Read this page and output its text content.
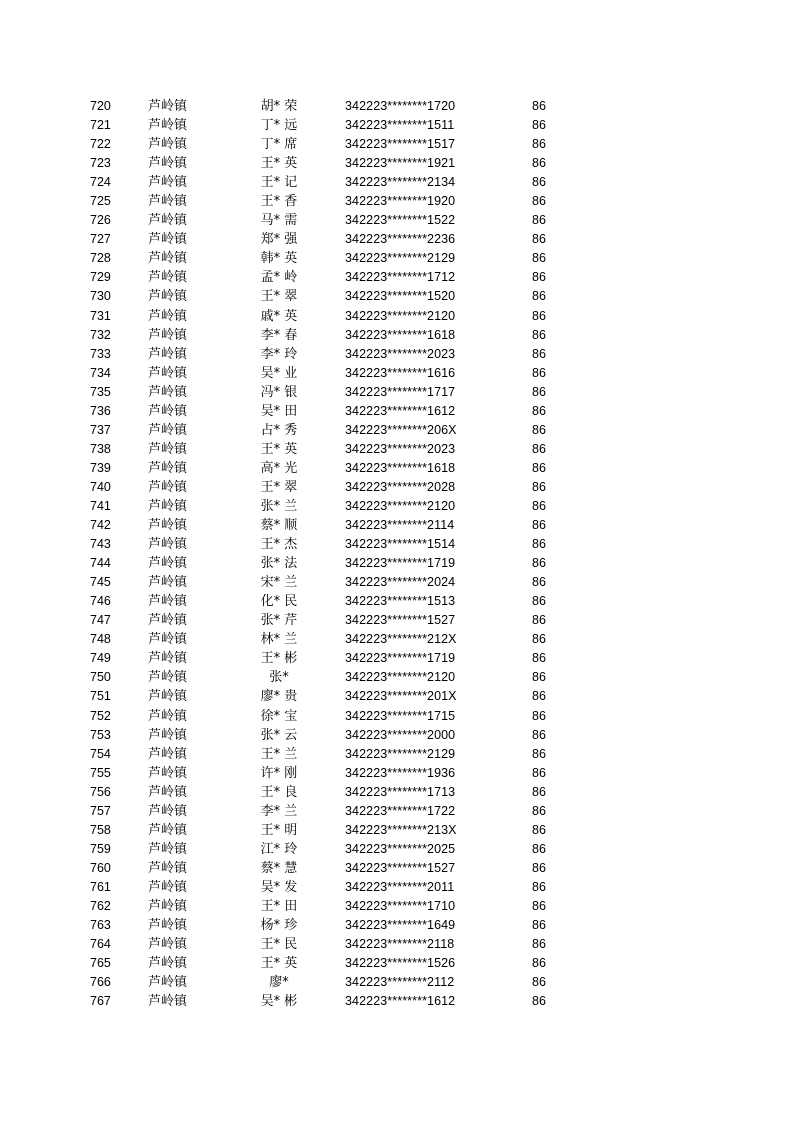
720	芦岭镇	胡* 荣	342223********1720	86
721	芦岭镇	丁* 远	342223********1511	86
722	芦岭镇	丁* 席	342223********1517	86
723	芦岭镇	王* 英	342223********1921	86
724	芦岭镇	王* 记	342223********2134	86
725	芦岭镇	王* 香	342223********1920	86
726	芦岭镇	马* 需	342223********1522	86
727	芦岭镇	郑* 强	342223********2236	86
728	芦岭镇	韩* 英	342223********2129	86
729	芦岭镇	孟* 岭	342223********1712	86
730	芦岭镇	王* 翠	342223********1520	86
731	芦岭镇	戚* 英	342223********2120	86
732	芦岭镇	李* 春	342223********1618	86
733	芦岭镇	李* 玲	342223********2023	86
734	芦岭镇	吴* 业	342223********1616	86
735	芦岭镇	冯* 银	342223********1717	86
736	芦岭镇	吴* 田	342223********1612	86
737	芦岭镇	占* 秀	342223********206X	86
738	芦岭镇	王* 英	342223********2023	86
739	芦岭镇	高* 光	342223********1618	86
740	芦岭镇	王* 翠	342223********2028	86
741	芦岭镇	张* 兰	342223********2120	86
742	芦岭镇	蔡* 顺	342223********2114	86
743	芦岭镇	王* 杰	342223********1514	86
744	芦岭镇	张* 法	342223********1719	86
745	芦岭镇	宋* 兰	342223********2024	86
746	芦岭镇	化* 民	342223********1513	86
747	芦岭镇	张* 芹	342223********1527	86
748	芦岭镇	林* 兰	342223********212X	86
749	芦岭镇	王* 彬	342223********1719	86
750	芦岭镇	张*	342223********2120	86
751	芦岭镇	廖* 贵	342223********201X	86
752	芦岭镇	徐* 宝	342223********1715	86
753	芦岭镇	张* 云	342223********2000	86
754	芦岭镇	王* 兰	342223********2129	86
755	芦岭镇	许* 刚	342223********1936	86
756	芦岭镇	王* 良	342223********1713	86
757	芦岭镇	李* 兰	342223********1722	86
758	芦岭镇	王* 明	342223********213X	86
759	芦岭镇	江* 玲	342223********2025	86
760	芦岭镇	蔡* 慧	342223********1527	86
761	芦岭镇	吴* 发	342223********2011	86
762	芦岭镇	王* 田	342223********1710	86
763	芦岭镇	杨* 珍	342223********1649	86
764	芦岭镇	王* 民	342223********2118	86
765	芦岭镇	王* 英	342223********1526	86
766	芦岭镇	廖*	342223********2112	86
767	芦岭镇	吴* 彬	342223********1612	86
